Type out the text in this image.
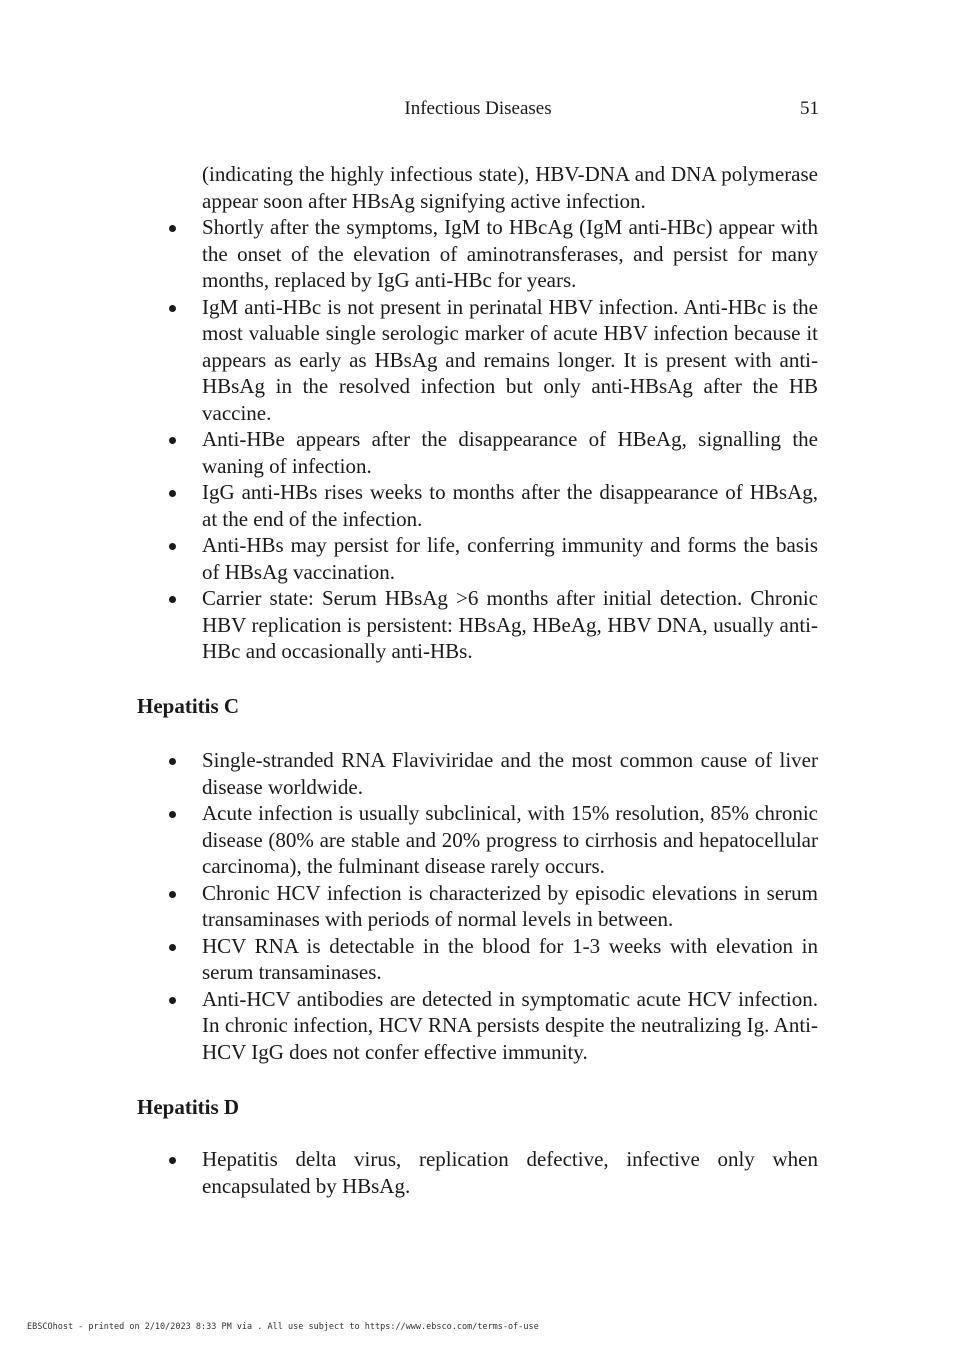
Infectious Diseases	51

(indicating the highly infectious state), HBV-DNA and DNA polymerase appear soon after HBsAg signifying active infection.

Shortly after the symptoms, IgM to HBcAg (IgM anti-HBc) appear with the onset of the elevation of aminotransferases, and persist for many months, replaced by IgG anti-HBc for years.
IgM anti-HBc is not present in perinatal HBV infection. Anti-HBc is the most valuable single serologic marker of acute HBV infection because it appears as early as HBsAg and remains longer. It is present with anti-HBsAg in the resolved infection but only anti-HBsAg after the HB vaccine.
Anti-HBe appears after the disappearance of HBeAg, signalling the waning of infection.
IgG anti-HBs rises weeks to months after the disappearance of HBsAg, at the end of the infection.
Anti-HBs may persist for life, conferring immunity and forms the basis of HBsAg vaccination.
Carrier state: Serum HBsAg >6 months after initial detection. Chronic HBV replication is persistent: HBsAg, HBeAg, HBV DNA, usually anti-HBc and occasionally anti-HBs.
Hepatitis C
Single-stranded RNA Flaviviridae and the most common cause of liver disease worldwide.
Acute infection is usually subclinical, with 15% resolution, 85% chronic disease (80% are stable and 20% progress to cirrhosis and hepatocellular carcinoma), the fulminant disease rarely occurs.
Chronic HCV infection is characterized by episodic elevations in serum transaminases with periods of normal levels in between.
HCV RNA is detectable in the blood for 1-3 weeks with elevation in serum transaminases.
Anti-HCV antibodies are detected in symptomatic acute HCV infection. In chronic infection, HCV RNA persists despite the neutralizing Ig. Anti-HCV IgG does not confer effective immunity.
Hepatitis D
Hepatitis delta virus, replication defective, infective only when encapsulated by HBsAg.
EBSCOhost - printed on 2/10/2023 8:33 PM via . All use subject to https://www.ebsco.com/terms-of-use
